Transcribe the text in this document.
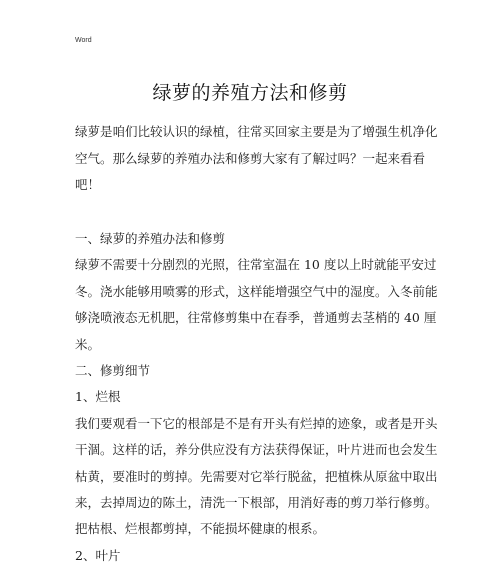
Word
绿萝的养殖方法和修剪
绿萝是咱们比较认识的绿植，往常买回家主要是为了增强生机净化
空气。那么绿萝的养殖办法和修剪大家有了解过吗？一起来看看
吧！
一、绿萝的养殖办法和修剪
绿萝不需要十分剧烈的光照，往常室温在 10 度以上时就能平安过
冬。浇水能够用喷雾的形式，这样能增强空气中的湿度。入冬前能
够浇喷液态无机肥，往常修剪集中在春季，普通剪去茎梢的 40 厘
米。
二、修剪细节
1、烂根
我们要观看一下它的根部是不是有开头有烂掉的迹象，或者是开头
干涸。这样的话，养分供应没有方法获得保证，叶片进而也会发生
枯黄，要准时的剪掉。先需要对它举行脱盆，把植株从原盆中取出
来，去掉周边的陈土，清洗一下根部，用消好毒的剪刀举行修剪。
把枯根、烂根都剪掉，不能损坏健康的根系。
2、叶片
